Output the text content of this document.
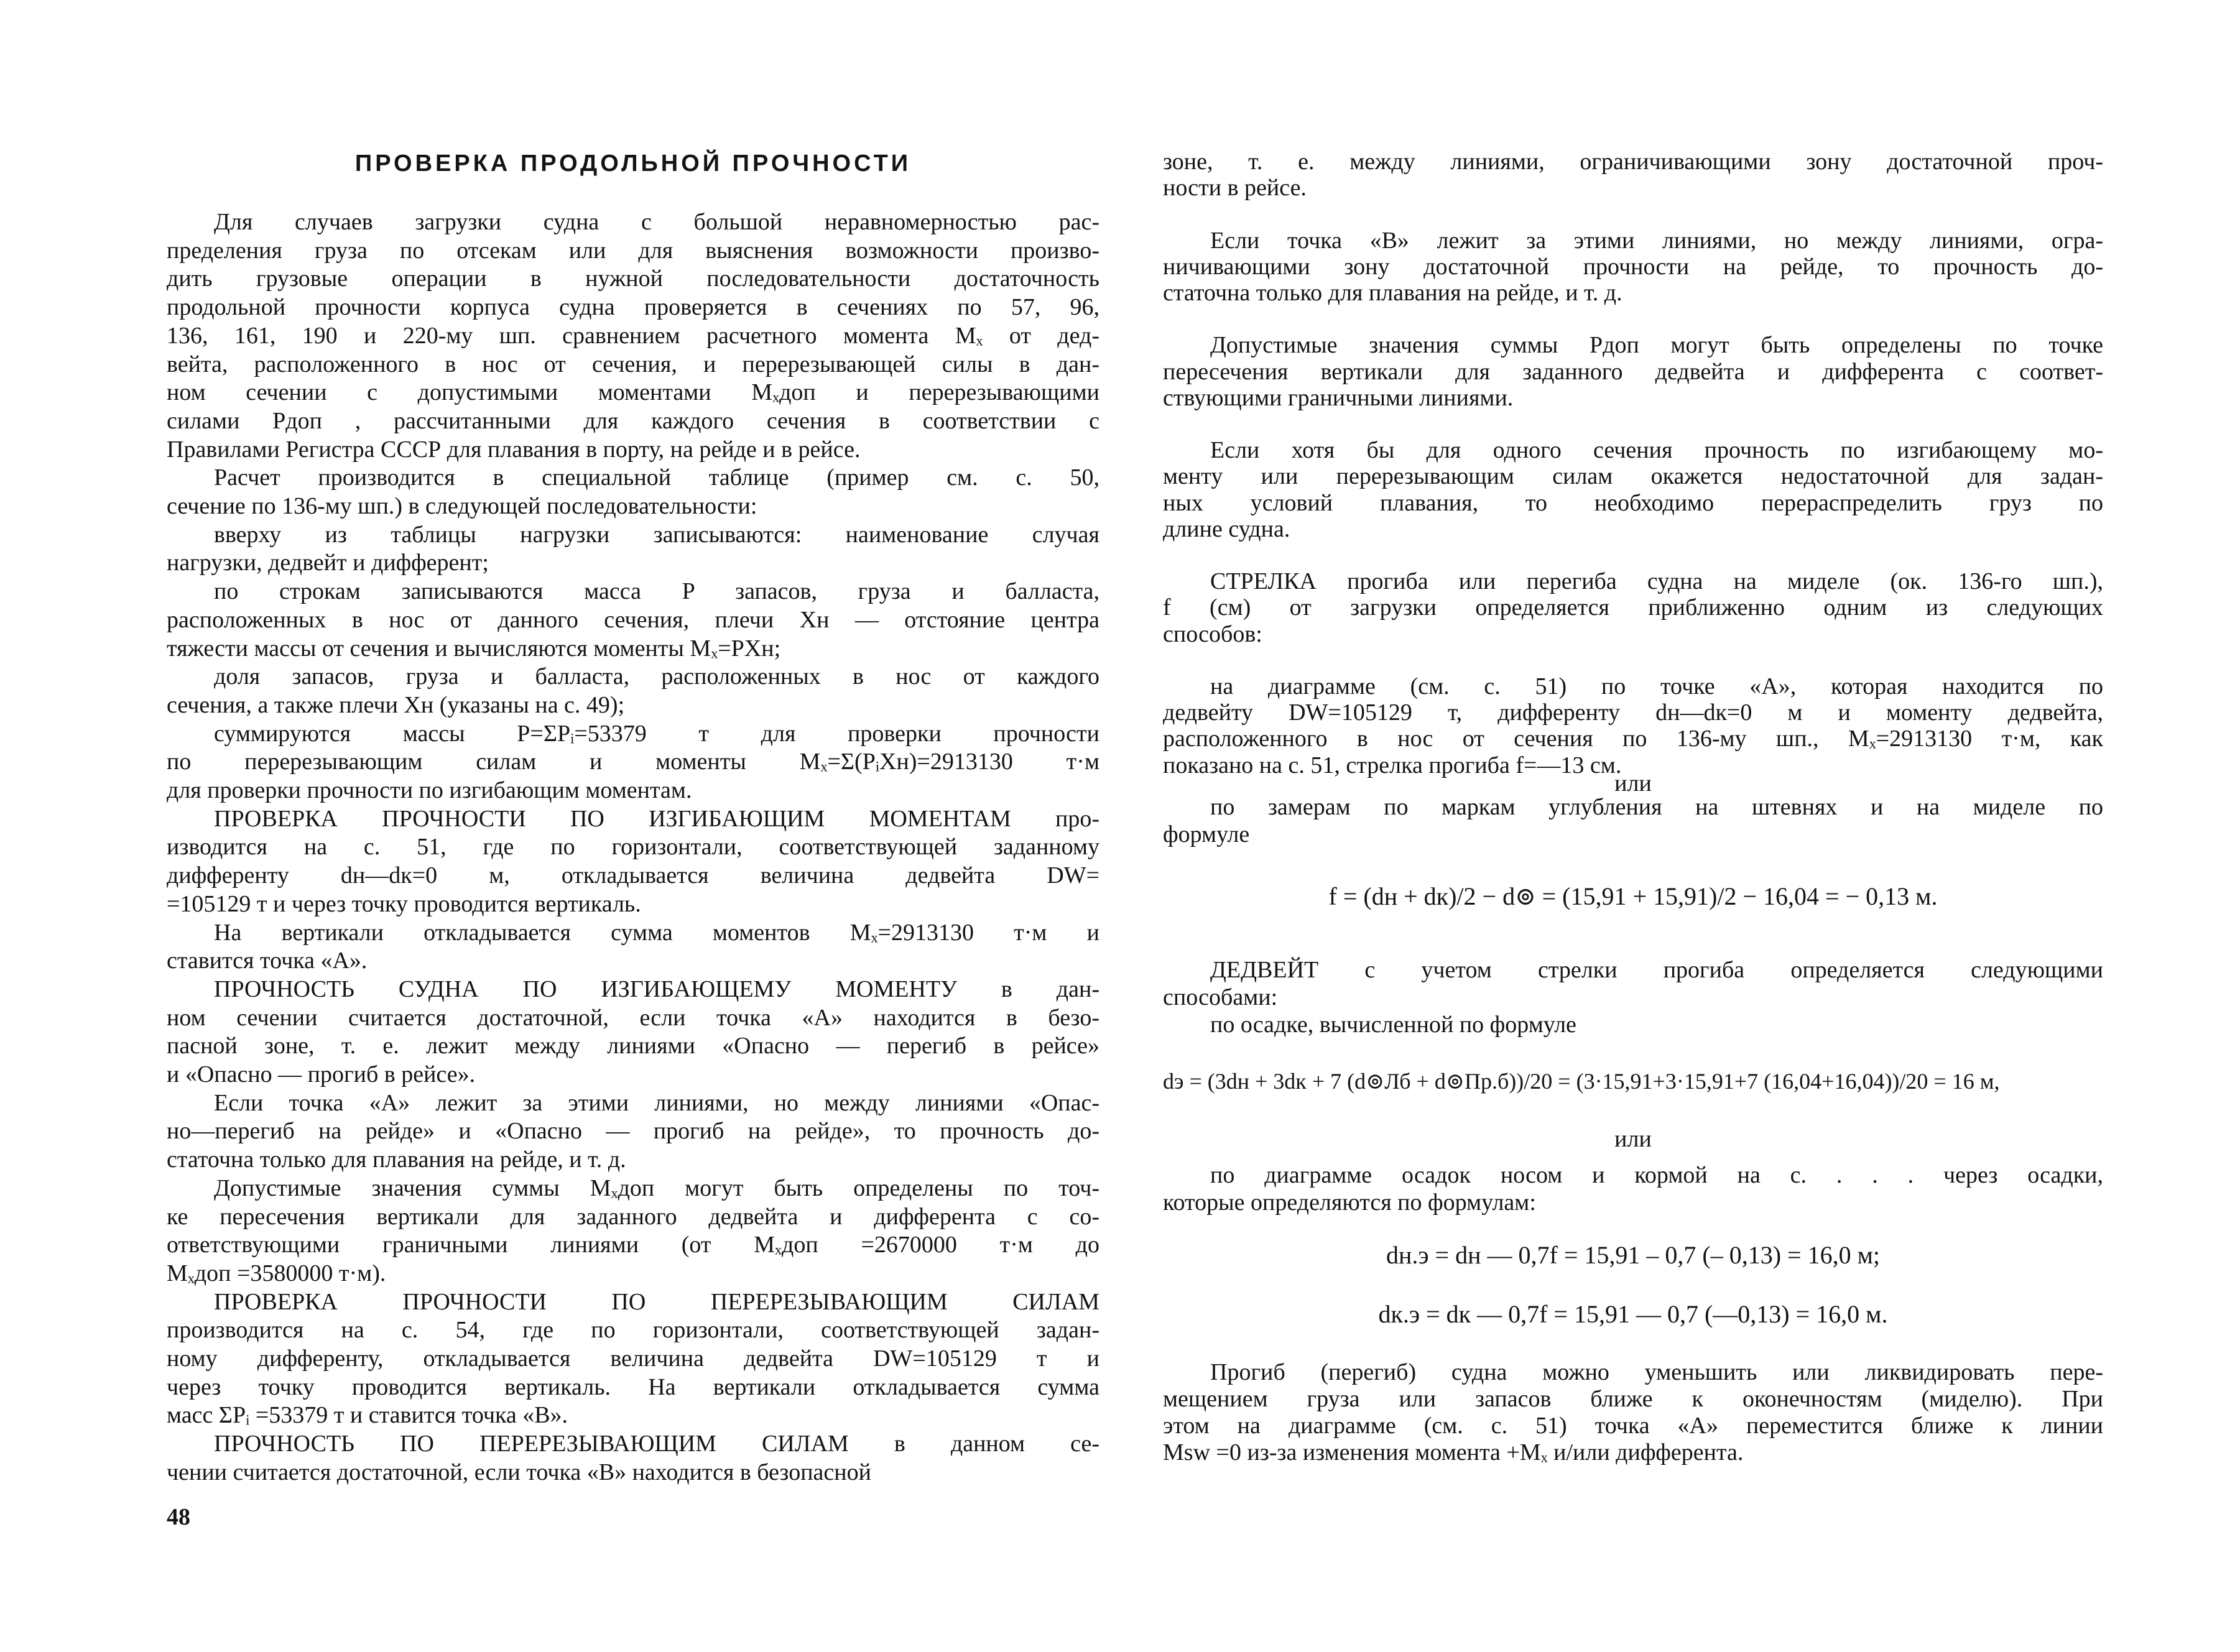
ПРОВЕРКА ПРОДОЛЬНОЙ ПРОЧНОСТИ
  Для случаев загрузки судна с большой неравномерностью рас-
пределения груза по отсекам или для выяснения возможности произво-
дить грузовые операции в нужной последовательности достаточность
продольной прочности корпуса судна проверяется в сечениях по 57, 96,
136, 161, 190 и 220-му шп. сравнением расчетного момента Mₓ от дед-
вейта, расположенного в нос от сечения, и перерезывающей силы в дан-
ном сечении с допустимыми моментами Mₓдоп и перерезывающими
силами Pдоп , рассчитанными для каждого сечения в соответствии с
Правилами Регистра СССР для плавания в порту, на рейде и в рейсе.
  Расчет производится в специальной таблице (пример см. с. 50,
сечение по 136-му шп.) в следующей последовательности:
  вверху из таблицы нагрузки записываются: наименование случая
нагрузки, дедвейт и дифферент;
  по строкам записываются масса P запасов, груза и балласта,
расположенных в нос от данного сечения, плечи Xн — отстояние центра
тяжести массы от сечения и вычисляются моменты Mₓ=PXн;
  доля запасов, груза и балласта, расположенных в нос от каждого
сечения, а также плечи Xн (указаны на с. 49);
  суммируются массы P=ΣPᵢ=53379 т для проверки прочности
по перерезывающим силам и моменты Mₓ=Σ(PᵢXн)=2913130 т·м
для проверки прочности по изгибающим моментам.
  ПРОВЕРКА ПРОЧНОСТИ ПО ИЗГИБАЮЩИМ МОМЕНТАМ про-
изводится на с. 51, где по горизонтали, соответствующей заданному
дифференту dн—dк=0 м, откладывается величина дедвейта DW=
=105129 т и через точку проводится вертикаль.
  На вертикали откладывается сумма моментов Mₓ=2913130 т·м и
ставится точка «A».
  ПРОЧНОСТЬ СУДНА ПО ИЗГИБАЮЩЕМУ МОМЕНТУ в дан-
ном сечении считается достаточной, если точка «A» находится в безо-
пасной зоне, т. е. лежит между линиями «Опасно — перегиб в рейсе»
и «Опасно — прогиб в рейсе».
  Если точка «A» лежит за этими линиями, но между линиями «Опас-
но—перегиб на рейде» и «Опасно — прогиб на рейде», то прочность до-
статочна только для плавания на рейде, и т. д.
  Допустимые значения суммы Mₓдоп могут быть определены по точ-
ке пересечения вертикали для заданного дедвейта и дифферента с со-
ответствующими граничными линиями (от Mₓдоп =2670000 т·м до
Mₓдоп =3580000 т·м).
  ПРОВЕРКА ПРОЧНОСТИ ПО ПЕРЕРЕЗЫВАЮЩИМ СИЛАМ
производится на с. 54, где по горизонтали, соответствующей задан-
ному дифференту, откладывается величина дедвейта DW=105129 т и
через точку проводится вертикаль. На вертикали откладывается сумма
масс ΣPᵢ =53379 т и ставится точка «B».
  ПРОЧНОСТЬ ПО ПЕРЕРЕЗЫВАЮЩИМ СИЛАМ в данном се-
чении считается достаточной, если точка «B» находится в безопасной
48
зоне, т. е. между линиями, ограничивающими зону достаточной проч-
ности в рейсе.
  Если точка «B» лежит за этими линиями, но между линиями, огра-
ничивающими зону достаточной прочности на рейде, то прочность до-
статочна только для плавания на рейде, и т. д.
  Допустимые значения суммы Pдоп могут быть определены по точке
пересечения вертикали для заданного дедвейта и дифферента с соответ-
ствующими граничными линиями.
  Если хотя бы для одного сечения прочность по изгибающему мо-
менту или перерезывающим силам окажется недостаточной для задан-
ных условий плавания, то необходимо перераспределить груз по
длине судна.
  СТРЕЛКА прогиба или перегиба судна на миделе (ок. 136-го шп.),
f (см) от загрузки определяется приближенно одним из следующих
способов:
  на диаграмме (см. с. 51) по точке «A», которая находится по
дедвейту DW=105129 т, дифференту dн—dк=0 м и моменту дедвейта,
расположенного в нос от сечения по 136-му шп., Mₓ=2913130 т·м, как
показано на с. 51, стрелка прогиба f=—13 см.
или
  по замерам по маркам углубления на штевнях и на миделе по
формуле
f = (dн + dк)/2 − d⊚ = (15,91 + 15,91)/2 − 16,04 = − 0,13 м.
  ДЕДВЕЙТ с учетом стрелки прогиба определяется следующими
способами:
  по осадке, вычисленной по формуле
dэ = (3dн + 3dк + 7 (d⊚Лб + d⊚Пр.б))/20 = (3·15,91+3·15,91+7 (16,04+16,04))/20 = 16 м,
или
  по диаграмме осадок носом и кормой на с. . . . через осадки,
которые определяются по формулам:
dн.э = dн — 0,7f = 15,91 – 0,7 (– 0,13) = 16,0 м;
dк.э = dк — 0,7f = 15,91 — 0,7 (—0,13) = 16,0 м.
  Прогиб (перегиб) судна можно уменьшить или ликвидировать пере-
мещением груза или запасов ближе к оконечностям (миделю). При
этом на диаграмме (см. с. 51) точка «A» переместится ближе к линии
Msw =0 из-за изменения момента +Mₓ и/или дифферента.
